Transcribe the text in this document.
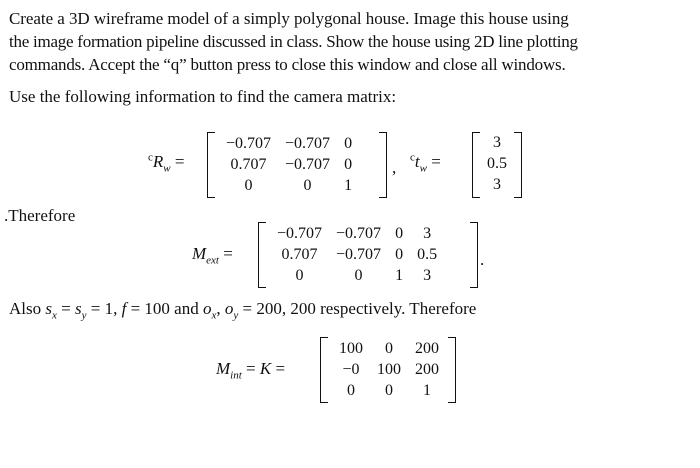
Create a 3D wireframe model of a simply polygonal house. Image this house using
the image formation pipeline discussed in class. Show the house using 2D line plotting
commands. Accept the “q” button press to close this window and close all windows.
Use the following information to find the camera matrix:
$^cR_w$ =
−0.707	−0.707	0
0.707	−0.707	0
0	0	1
,
$^ct_w$ =
3
0.5
3
.Therefore
$M_{ext}$ =
−0.707	−0.707	0	3
0.707	−0.707	0	0.5
0	0	1	3
.
Also $s_x = s_y = 1$, f = 100 and $o_x$, $o_y = 200$, 200 respectively. Therefore
$M_{int} = K$ =
100	0	200
−0	100	200
0	0	1
